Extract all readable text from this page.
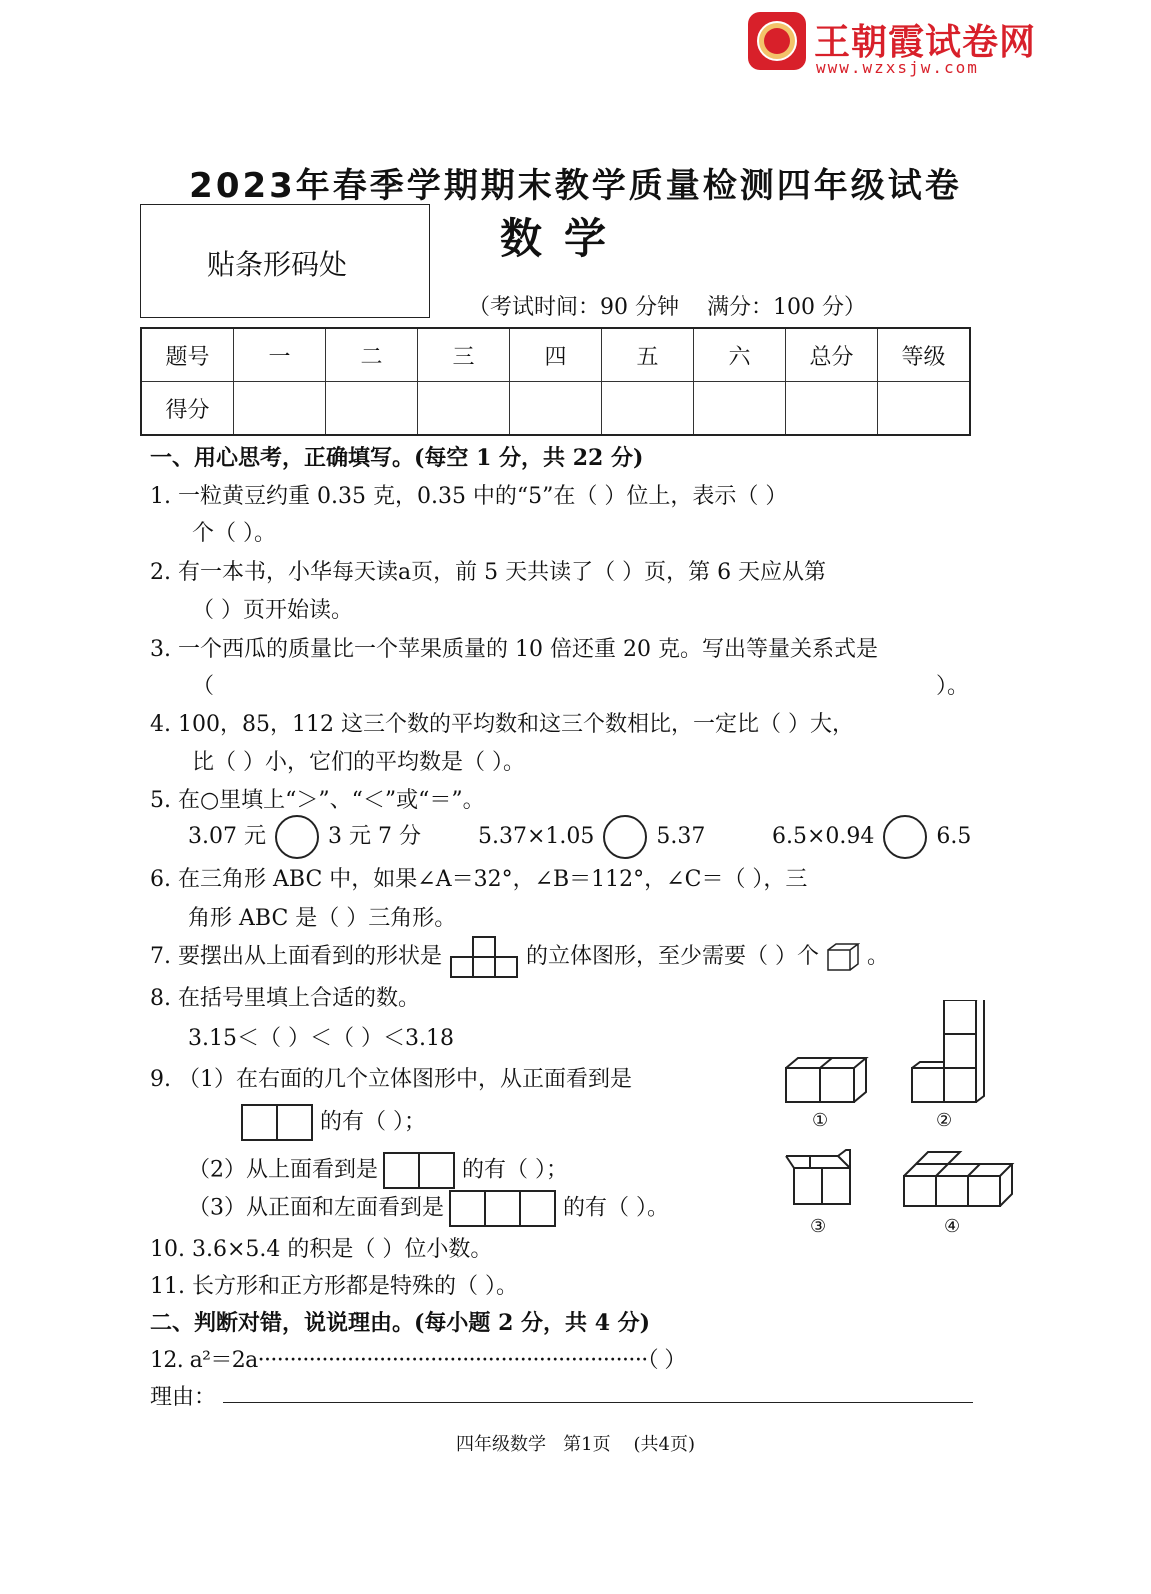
王朝霞试卷网
www.wzxsjw.com
2023年春季学期期末教学质量检测四年级试卷
数学
贴条形码处
（考试时间：90 分钟    满分：100 分）
题号	一	二	三	四	五	六	总分	等级
得分								
一、用心思考，正确填写。(每空 1 分，共 22 分)
1. 一粒黄豆约重 0.35 克，0.35 中的“5”在（ ）位上，表示（ ）
个（ ）。
2. 有一本书，小华每天读a页，前 5 天共读了（ ）页，第 6 天应从第
（ ）页开始读。
3. 一个西瓜的质量比一个苹果质量的 10 倍还重 20 克。写出等量关系式是
（	）。
4. 100，85，112 这三个数的平均数和这三个数相比，一定比（ ）大，
比（ ）小，它们的平均数是（ ）。
5. 在○里填上“＞”、“＜”或“＝”。
3.07 元	3 元 7 分	5.37×1.05	5.37	6.5×0.94	6.5
6. 在三角形 ABC 中，如果∠A＝32°，∠B＝112°，∠C＝（ ），三
角形 ABC 是（ ）三角形。
7. 要摆出从上面看到的形状是	的立体图形，至少需要（ ）个 。
8. 在括号里填上合适的数。
3.15＜（ ）＜（ ）＜3.18
9. （1）在右面的几个立体图形中，从正面看到是
的有（ ）；
（2）从上面看到是	的有（ ）；
（3）从正面和左面看到是	的有（ ）。
①	②
③	④
10. 3.6×5.4 的积是（ ）位小数。
11. 长方形和正方形都是特殊的（ ）。
二、判断对错，说说理由。(每小题 2 分，共 4 分)
12. a²＝2a·····························································（ ）
理由：
四年级数学   第1页    (共4页)
